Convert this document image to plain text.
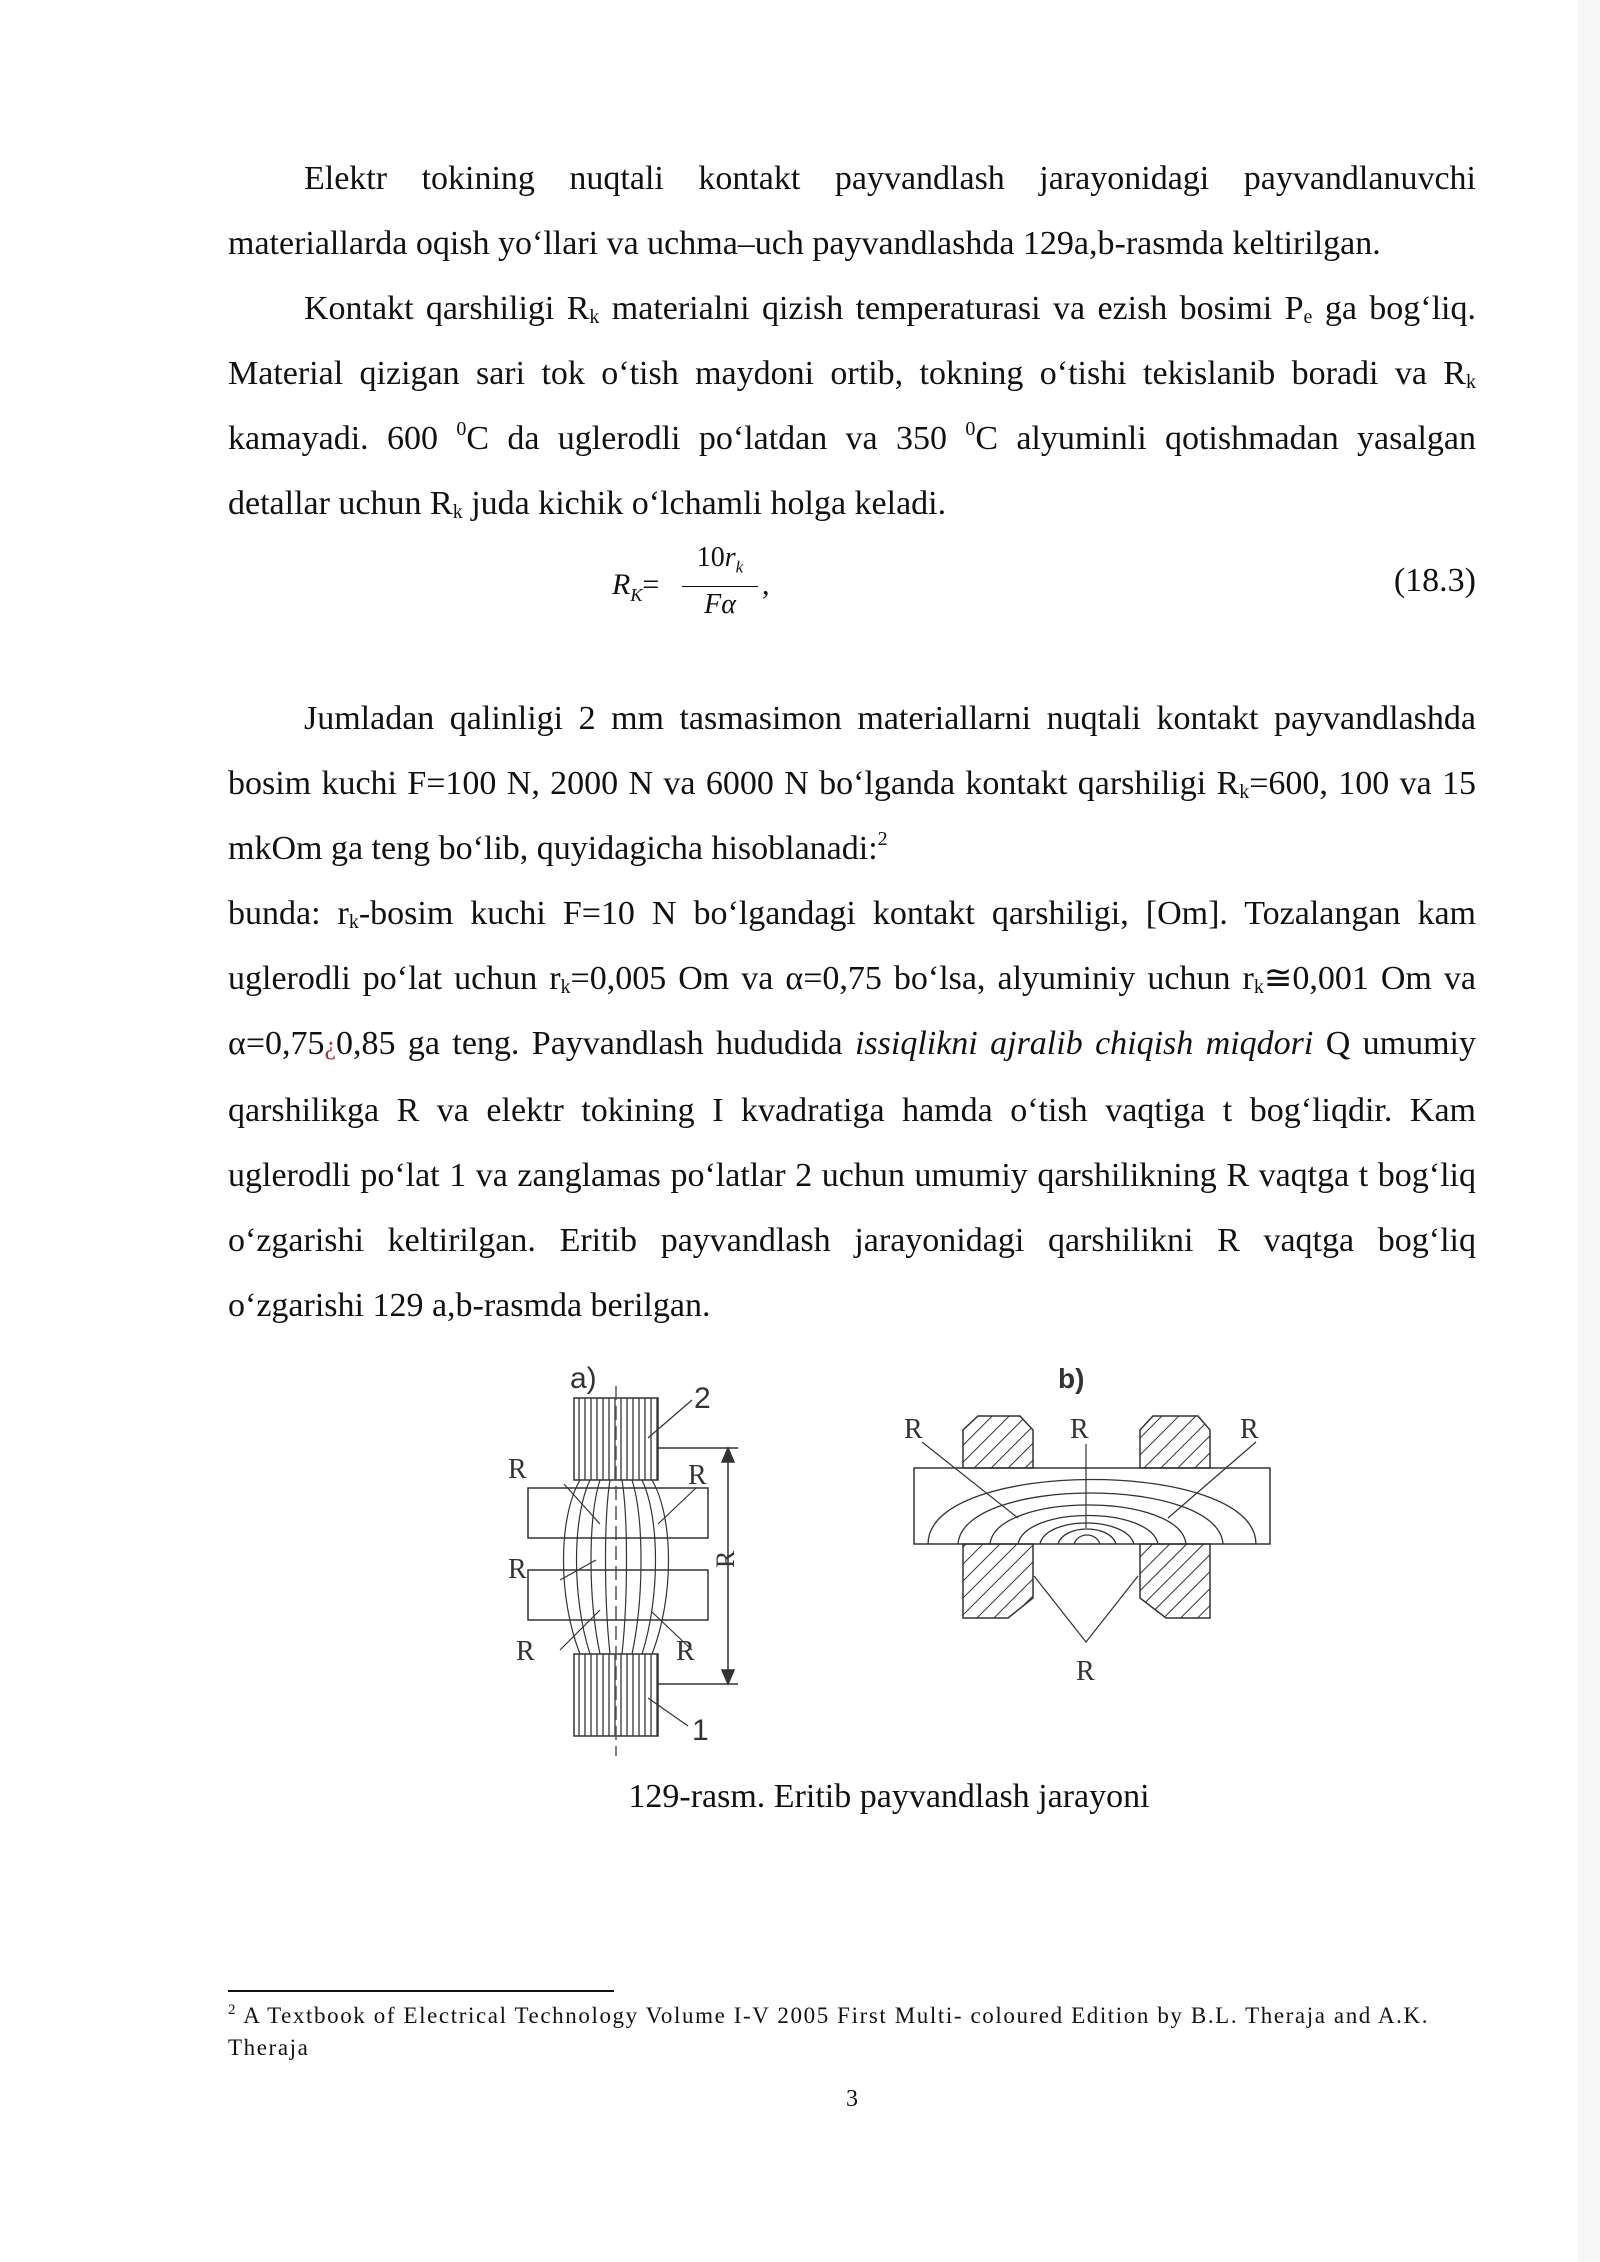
Elektr tokining nuqtali kontakt payvandlash jarayonidagi payvandlanuvchi materiallarda oqish yo‘llari va uchma–uch payvandlashda 129a,b-rasmda keltirilgan.

Kontakt qarshiligi $R_k$ materialni qizish temperaturasi va ezish bosimi $P_e$ ga bog‘liq. Material qizigan sari tok o‘tish maydoni ortib, tokning o‘tishi tekislanib boradi va $R_k$ kamayadi. 600 $^0$C da uglerodli po‘latdan va 350 $^0$C alyuminli qotishmadan yasalgan detallar uchun $R_k$ juda kichik o‘lchamli holga keladi.

$R_K= \frac{10r_k}{F\alpha}$ ,	(18.3)

Jumladan qalinligi 2 mm tasmasimon materiallarni nuqtali kontakt payvandlashda bosim kuchi F=100 N, 2000 N va 6000 N bo‘lganda kontakt qarshiligi $R_k=600$, 100 va 15 mkOm ga teng bo‘lib, quyidagicha hisoblanadi:$^2$

bunda: $r_k$-bosim kuchi F=10 N bo‘lgandagi kontakt qarshiligi, [Om]. Tozalangan kam uglerodli po‘lat uchun $r_k=0,005$ Om va α=0,75 bo‘lsa, alyuminiy uchun $r_k≅0,001$ Om va α=0,75¿0,85 ga teng. Payvandlash hududida issiqlikni ajralib chiqish miqdori Q umumiy qarshilikga R va elektr tokining I kvadratiga hamda o‘tish vaqtiga t bog‘liqdir. Kam uglerodli po‘lat 1 va zanglamas po‘latlar 2 uchun umumiy qarshilikning R vaqtga t bog‘liq o‘zgarishi keltirilgan. Eritib payvandlash jarayonidagi qarshilikni R vaqtga bog‘liq o‘zgarishi 129 a,b-rasmda berilgan.

a)
2
1
R	R
R
R	R
R
b)
R	R	R
R
129-rasm. Eritib payvandlash jarayoni
$^2$ A Textbook of Electrical Technology Volume I-V 2005 First Multi- coloured Edition by B.L. Theraja and A.K. Theraja
3
